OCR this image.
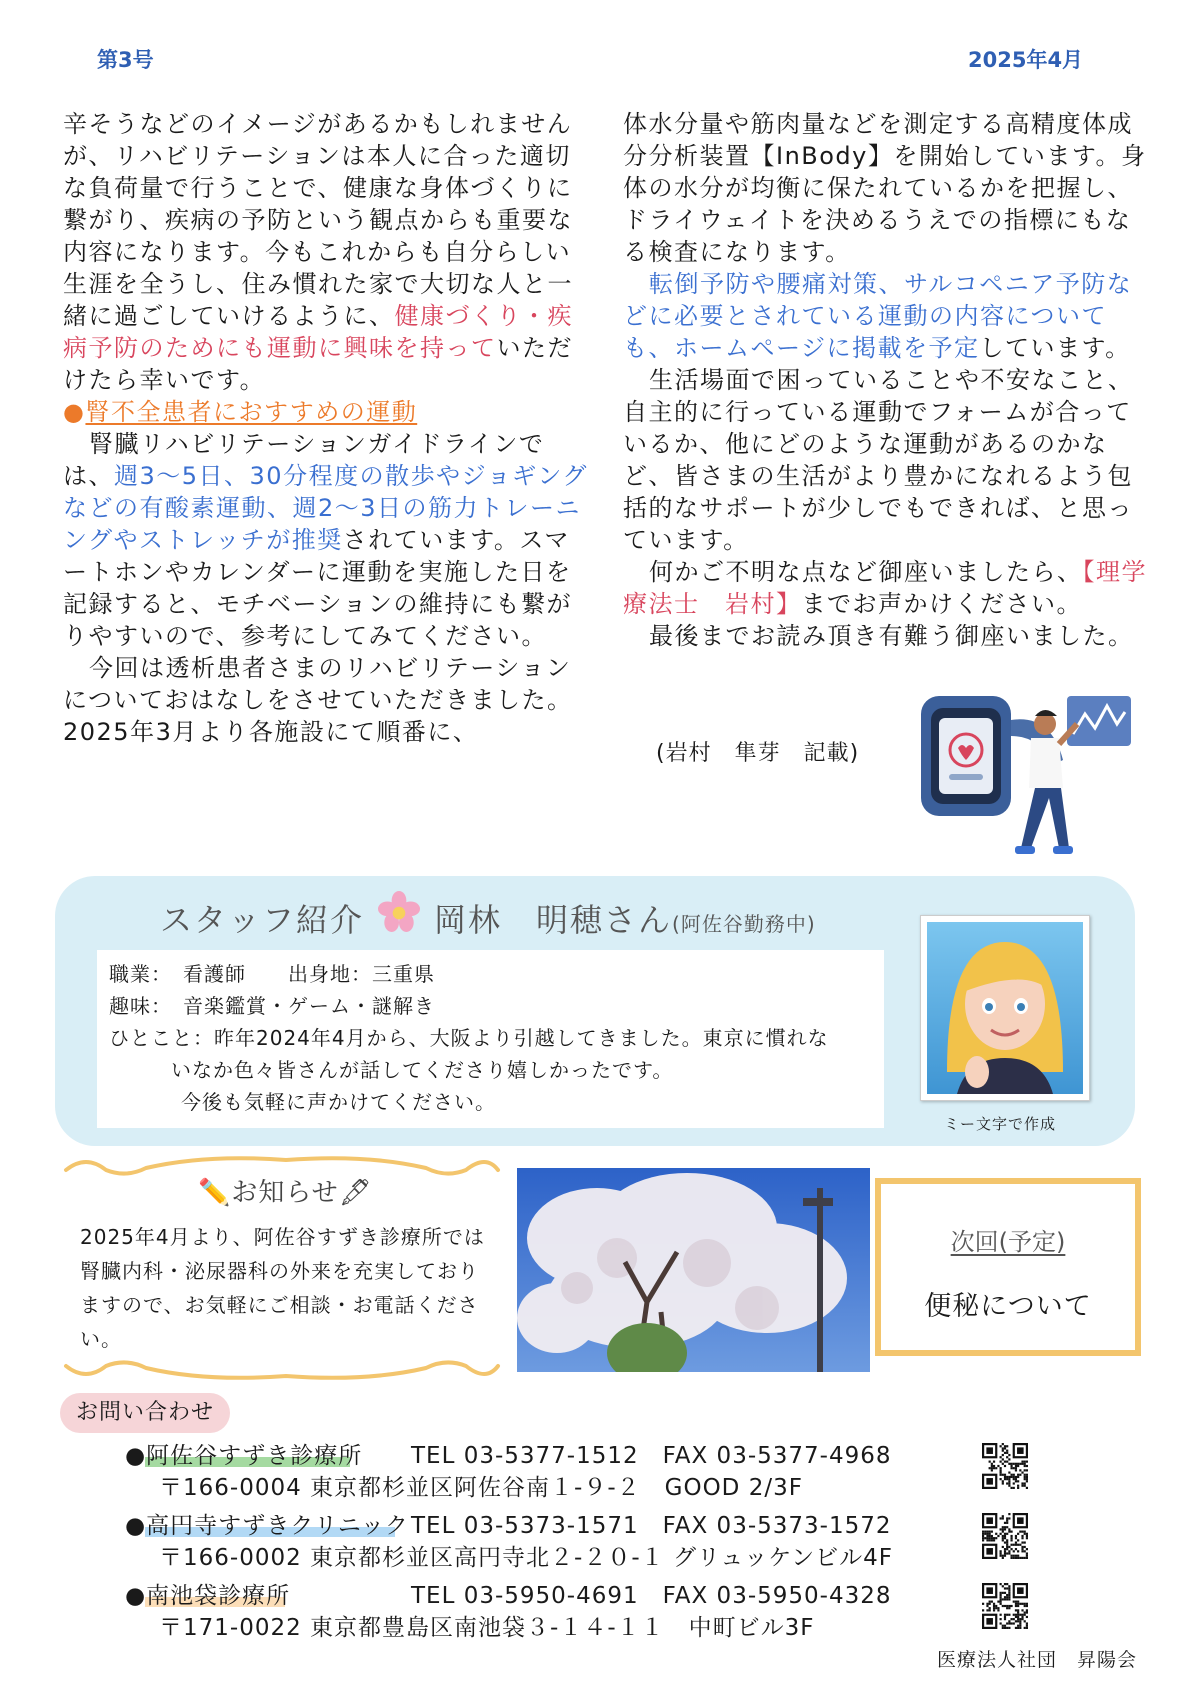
第3号	2025年4月

辛そうなどのイメージがあるかもしれませんが、リハビリテーションは本人に合った適切な負荷量で行うことで、健康な身体づくりに繋がり、疾病の予防という観点からも重要な内容になります。今もこれからも自分らしい生涯を全うし、住み慣れた家で大切な人と一緒に過ごしていけるように、健康づくり・疾病予防のためにも運動に興味を持っていただけたら幸いです。

●腎不全患者におすすめの運動

腎臓リハビリテーションガイドラインでは、週3〜5日、30分程度の散歩やジョギングなどの有酸素運動、週2〜3日の筋力トレーニングやストレッチが推奨されています。スマートホンやカレンダーに運動を実施した日を記録すると、モチベーションの維持にも繋がりやすいので、参考にしてみてください。

今回は透析患者さまのリハビリテーションについておはなしをさせていただきました。 2025年3月より各施設にて順番に、

体水分量や筋肉量などを測定する高精度体成分分析装置【InBody】を開始しています。身体の水分が均衡に保たれているかを把握し、ドライウェイトを決めるうえでの指標にもなる検査になります。

転倒予防や腰痛対策、サルコペニア予防などに必要とされている運動の内容についても、ホームページに掲載を予定しています。

生活場面で困っていることや不安なこと、自主的に行っている運動でフォームが合っているか、他にどのような運動があるのかなど、皆さまの生活がより豊かになれるよう包括的なサポートが少しでもできれば、と思っています。

何かご不明な点など御座いましたら、【理学療法士　岩村】までお声かけください。

最後までお読み頂き有難う御座いました。

(岩村　隼芽　記載)
スタッフ紹介 岡林　明穂さん(阿佐谷勤務中)
職業：　看護師　　出身地：三重県
趣味：　音楽鑑賞・ゲーム・謎解き
ひとこと：昨年2024年4月から、大阪より引越してきました。東京に慣れな
いなか色々皆さんが話してくださり嬉しかったです。
今後も気軽に声かけてください。
ミー文字で作成
✏️お知らせ🖋
2025年4月より、阿佐谷すずき診療所では腎臓内科・泌尿器科の外来を充実しておりますので、お気軽にご相談・お電話ください。
次回(予定)
便秘について
お問い合わせ
●阿佐谷すずき診療所 TEL 03-5377-1512　FAX 03-5377-4968
〒166-0004 東京都杉並区阿佐谷南１-９-２　GOOD 2/3F
●高円寺すずきクリニック TEL 03-5373-1571　FAX 03-5373-1572
〒166-0002 東京都杉並区高円寺北２-２０-１ グリュッケンビル4F
●南池袋診療所	TEL 03-5950-4691　FAX 03-5950-4328
〒171-0022 東京都豊島区南池袋３-１４-１１　中町ビル3F
医療法人社団　昇陽会
